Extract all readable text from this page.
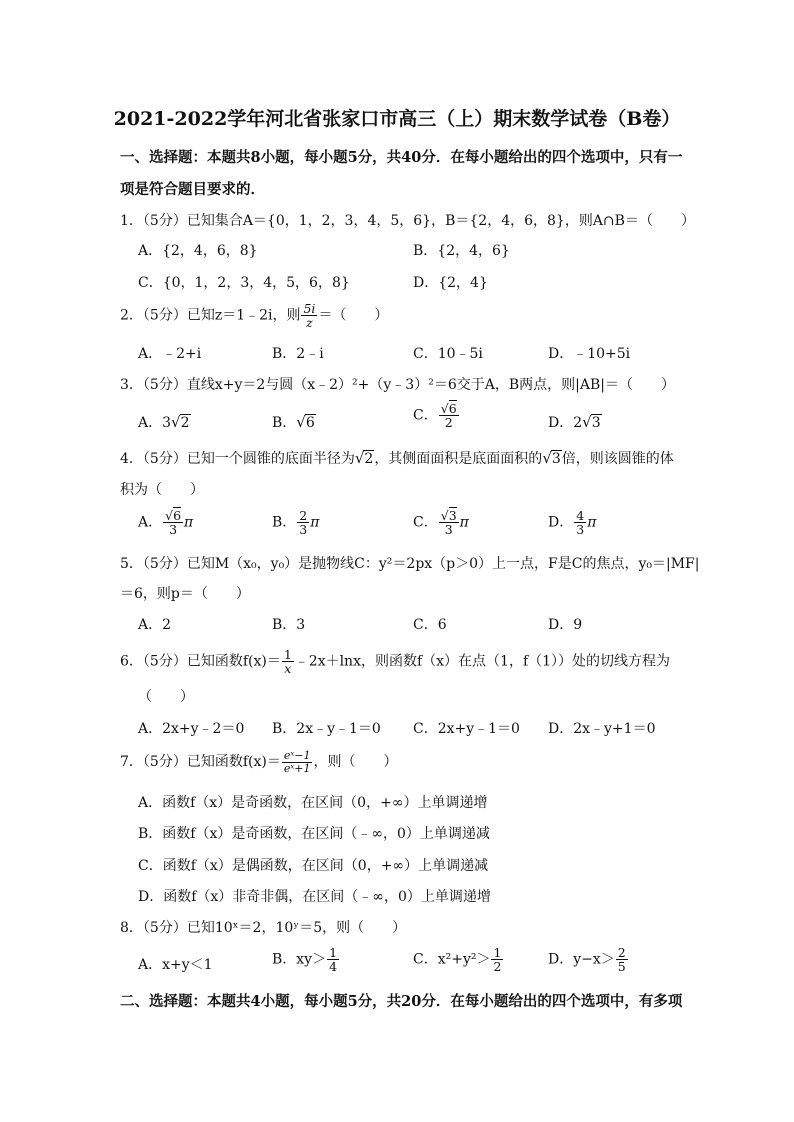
2021-2022学年河北省张家口市高三（上）期末数学试卷（B卷）
一、选择题：本题共8小题，每小题5分，共40分．在每小题给出的四个选项中，只有一
项是符合题目要求的．
1．（5分）已知集合A＝{0，1，2，3，4，5，6}，B＝{2，4，6，8}，则A∩B＝（　　）
A．{2，4，6，8}	B．{2，4，6}
C．{0，1，2，3，4，5，6，8}	D．{2，4}
2．（5分）已知z＝1﹣2i，则 $\frac{5i}{z}$ ＝（　　）
A．﹣2+i	B．2﹣i	C．10﹣5i	D．﹣10+5i
3．（5分）直线x+y＝2与圆（x﹣2）²+（y﹣3）²＝6交于A，B两点，则|AB|＝（　　）
A．3√2	B．√6	C． $\frac{√6}{2}$	D．2√3
4．（5分）已知一个圆锥的底面半径为√2，其侧面面积是底面面积的√3倍，则该圆锥的体
积为（　　）
A． $\frac{√6}{3}$ π	B． $\frac{2}{3}$ π	C． $\frac{√3}{3}$ π	D． $\frac{4}{3}$ π
5．（5分）已知M（x₀，y₀）是抛物线C：y²＝2px（p＞0）上一点，F是C的焦点，y₀＝|MF|
＝6，则p＝（　　）
A．2	B．3	C．6	D．9
6．（5分）已知函数$f(x)= \frac{1}{x}$ ﹣2x＋lnx，则函数f（x）在点（1，f（1））处的切线方程为
（　　）
A．2x+y﹣2＝0 B．2x﹣y﹣1＝0 C．2x+y﹣1＝0 D．2x﹣y+1＝0
7．（5分）已知函数$f(x)= \frac{\text{eˣ−1}}{\text{eˣ+1}}$ ，则（　　）
A．函数f（x）是奇函数，在区间（0，+∞）上单调递增
B．函数f（x）是奇函数，在区间（﹣∞，0）上单调递减
C．函数f（x）是偶函数，在区间（0，+∞）上单调递减
D．函数f（x）非奇非偶，在区间（﹣∞，0）上单调递增
8．（5分）已知10ˣ＝2，10ʸ＝5，则（　　）
A．x+y＜1	B．$xy> \frac{1}{4}$	C．$x^2+y^2> \frac{1}{2}$	D．$y-x> \frac{2}{5}$
二、选择题：本题共4小题，每小题5分，共20分．在每小题给出的四个选项中，有多项
